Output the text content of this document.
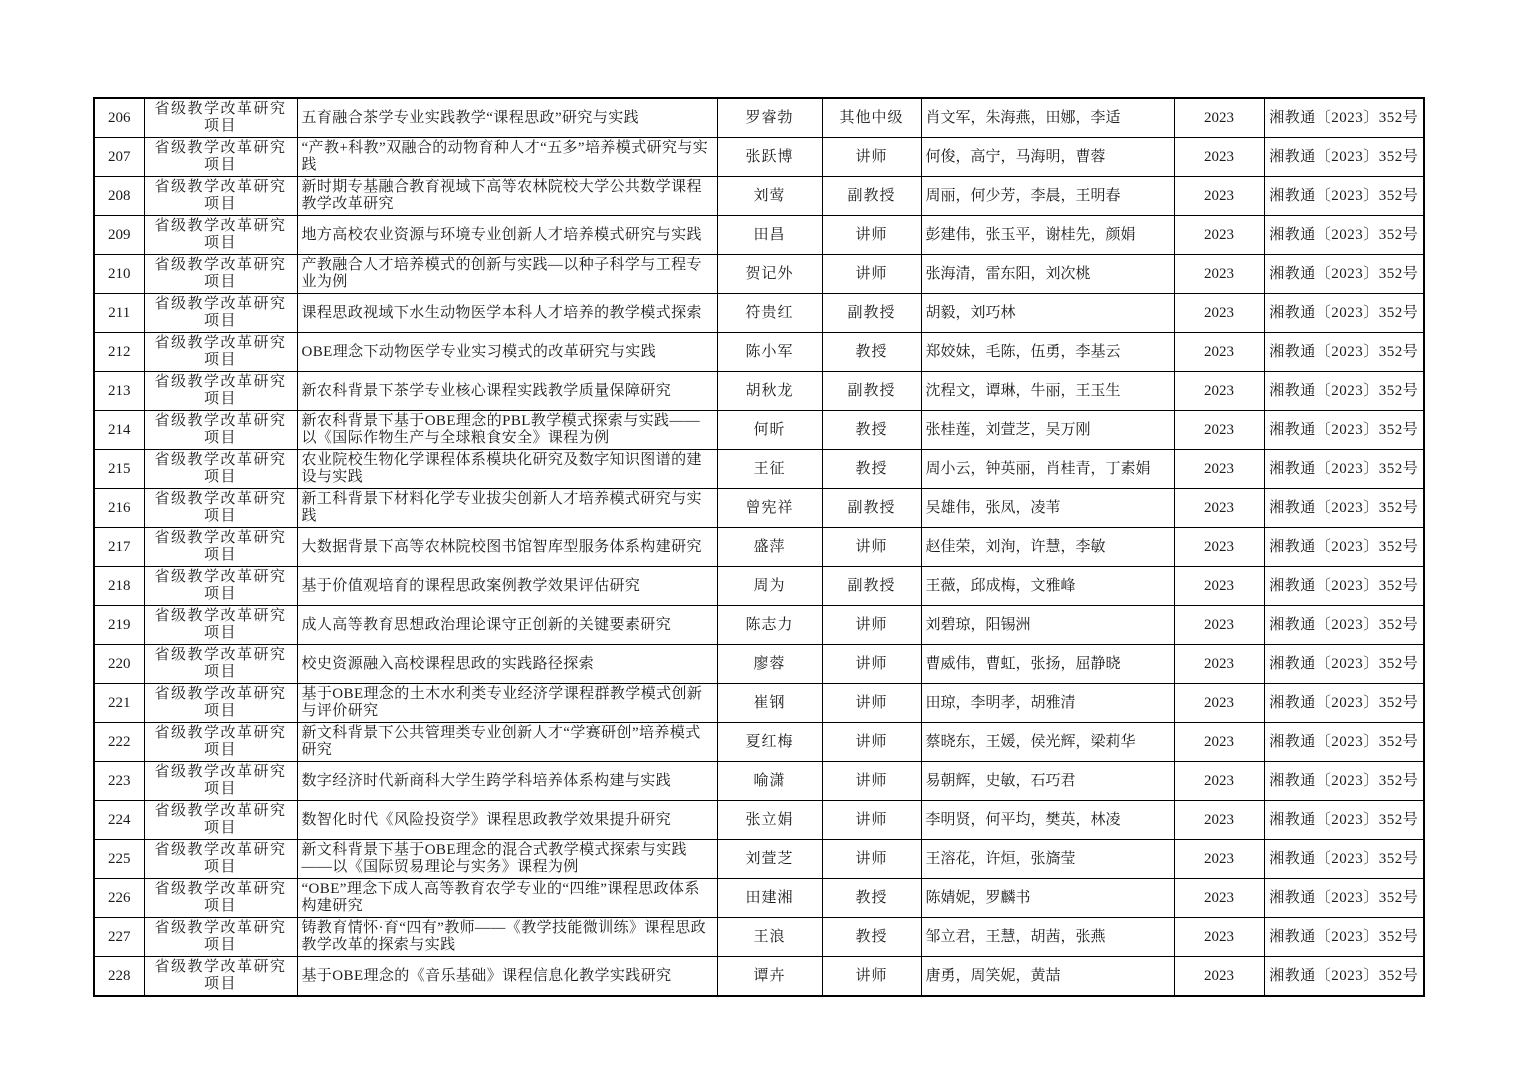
206	省级教学改革研究项目	五育融合茶学专业实践教学“课程思政”研究与实践	罗睿勃	其他中级	肖文军，朱海燕，田娜，李适	2023	湘教通〔2023〕352号
207	省级教学改革研究项目	“产教+科教”双融合的动物育种人才“五多”培养模式研究与实践	张跃博	讲师	何俊，高宁，马海明，曹蓉	2023	湘教通〔2023〕352号
208	省级教学改革研究项目	新时期专基融合教育视域下高等农林院校大学公共数学课程教学改革研究	刘莺	副教授	周丽，何少芳，李晨，王明春	2023	湘教通〔2023〕352号
209	省级教学改革研究项目	地方高校农业资源与环境专业创新人才培养模式研究与实践	田昌	讲师	彭建伟，张玉平，谢桂先，颜娟	2023	湘教通〔2023〕352号
210	省级教学改革研究项目	产教融合人才培养模式的创新与实践—以种子科学与工程专业为例	贺记外	讲师	张海清，雷东阳，刘次桃	2023	湘教通〔2023〕352号
211	省级教学改革研究项目	课程思政视域下水生动物医学本科人才培养的教学模式探索	符贵红	副教授	胡毅，刘巧林	2023	湘教通〔2023〕352号
212	省级教学改革研究项目	OBE理念下动物医学专业实习模式的改革研究与实践	陈小军	教授	郑姣妹，毛陈，伍勇，李基云	2023	湘教通〔2023〕352号
213	省级教学改革研究项目	新农科背景下茶学专业核心课程实践教学质量保障研究	胡秋龙	副教授	沈程文，谭琳，牛丽，王玉生	2023	湘教通〔2023〕352号
214	省级教学改革研究项目	新农科背景下基于OBE理念的PBL教学模式探索与实践——以《国际作物生产与全球粮食安全》课程为例	何昕	教授	张桂莲，刘萱芝，吴万刚	2023	湘教通〔2023〕352号
215	省级教学改革研究项目	农业院校生物化学课程体系模块化研究及数字知识图谱的建设与实践	王征	教授	周小云，钟英丽，肖桂青，丁素娟	2023	湘教通〔2023〕352号
216	省级教学改革研究项目	新工科背景下材料化学专业拔尖创新人才培养模式研究与实践	曾宪祥	副教授	吴雄伟，张凤，凌苇	2023	湘教通〔2023〕352号
217	省级教学改革研究项目	大数据背景下高等农林院校图书馆智库型服务体系构建研究	盛萍	讲师	赵佳荣，刘洵，许慧，李敏	2023	湘教通〔2023〕352号
218	省级教学改革研究项目	基于价值观培育的课程思政案例教学效果评估研究	周为	副教授	王薇，邱成梅，文雅峰	2023	湘教通〔2023〕352号
219	省级教学改革研究项目	成人高等教育思想政治理论课守正创新的关键要素研究	陈志力	讲师	刘碧琼，阳锡洲	2023	湘教通〔2023〕352号
220	省级教学改革研究项目	校史资源融入高校课程思政的实践路径探索	廖蓉	讲师	曹威伟，曹虹，张扬，屈静晓	2023	湘教通〔2023〕352号
221	省级教学改革研究项目	基于OBE理念的土木水利类专业经济学课程群教学模式创新与评价研究	崔钢	讲师	田琼，李明孝，胡雅清	2023	湘教通〔2023〕352号
222	省级教学改革研究项目	新文科背景下公共管理类专业创新人才“学赛研创”培养模式研究	夏红梅	讲师	蔡晓东，王媛，侯光辉，梁莉华	2023	湘教通〔2023〕352号
223	省级教学改革研究项目	数字经济时代新商科大学生跨学科培养体系构建与实践	喻潇	讲师	易朝辉，史敏，石巧君	2023	湘教通〔2023〕352号
224	省级教学改革研究项目	数智化时代《风险投资学》课程思政教学效果提升研究	张立娟	讲师	李明贤，何平均，樊英，林凌	2023	湘教通〔2023〕352号
225	省级教学改革研究项目	新文科背景下基于OBE理念的混合式教学模式探索与实践——以《国际贸易理论与实务》课程为例	刘萱芝	讲师	王溶花，许烜，张旖莹	2023	湘教通〔2023〕352号
226	省级教学改革研究项目	“OBE”理念下成人高等教育农学专业的“四维”课程思政体系构建研究	田建湘	教授	陈婧妮，罗麟书	2023	湘教通〔2023〕352号
227	省级教学改革研究项目	铸教育情怀·育“四有”教师——《教学技能微训练》课程思政教学改革的探索与实践	王浪	教授	邹立君，王慧，胡茜，张燕	2023	湘教通〔2023〕352号
228	省级教学改革研究项目	基于OBE理念的《音乐基础》课程信息化教学实践研究	谭卉	讲师	唐勇，周笑妮，黄喆	2023	湘教通〔2023〕352号
